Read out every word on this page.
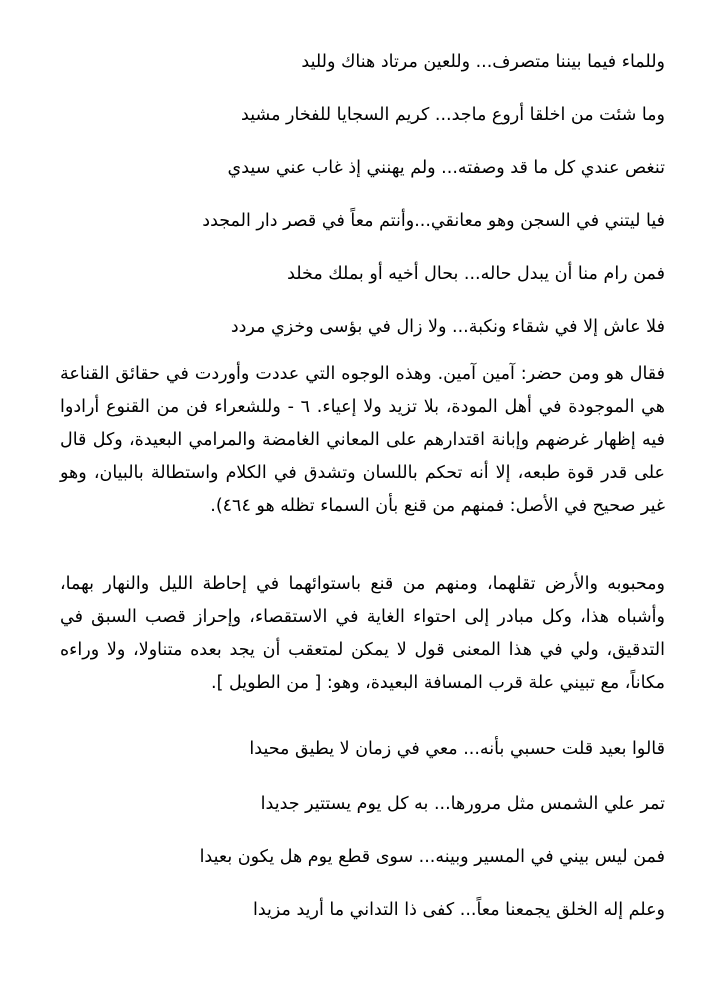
وللماء فيما بيننا متصرف... وللعين مرتاد هناك ولليد

وما شئت من اخلقا أروع ماجد... كريم السجايا للفخار مشيد

تنغص عندي كل ما قد وصفته... ولم يهنني إذ غاب عني سيدي

فيا ليتني في السجن وهو معانقي...وأنتم معاً في قصر دار المجدد

فمن رام منا أن يبدل حاله... بحال أخيه أو بملك مخلد

فلا عاش إلا في شقاء ونكبة... ولا زال في بؤسى وخزي مردد

فقال هو ومن حضر: آمين آمين. وهذه الوجوه التي عددت وأوردت في حقائق القناعة هي الموجودة في أهل المودة، بلا تزيد ولا إعياء. ٦ - وللشعراء فن من القنوع أرادوا فيه إظهار غرضهم وإبانة اقتدارهم على المعاني الغامضة والمرامي البعيدة، وكل قال على قدر قوة طبعه، إلا أنه تحكم باللسان وتشدق في الكلام واستطالة بالبيان، وهو غير صحيح في الأصل: فمنهم من قنع بأن السماء تظله هو ٤٦٤).

ومحبوبه والأرض تقلهما، ومنهم من قنع باستوائهما في إحاطة الليل والنهار بهما، وأشباه هذا، وكل مبادر إلى احتواء الغاية في الاستقصاء، وإحراز قصب السبق في التدقيق، ولي في هذا المعنى قول لا يمكن لمتعقب أن يجد بعده متناولا، ولا وراءه مكاناً، مع تبيني علة قرب المسافة البعيدة، وهو: [ من الطويل ].

قالوا بعيد قلت حسبي بأنه... معي في زمان لا يطيق محيدا

تمر علي الشمس مثل مرورها... به كل يوم يستتير جديدا

فمن ليس بيني في المسير وبينه... سوى قطع يوم هل يكون بعيدا

وعلم إله الخلق يجمعنا معاً... كفى ذا التداني ما أريد مزيدا
